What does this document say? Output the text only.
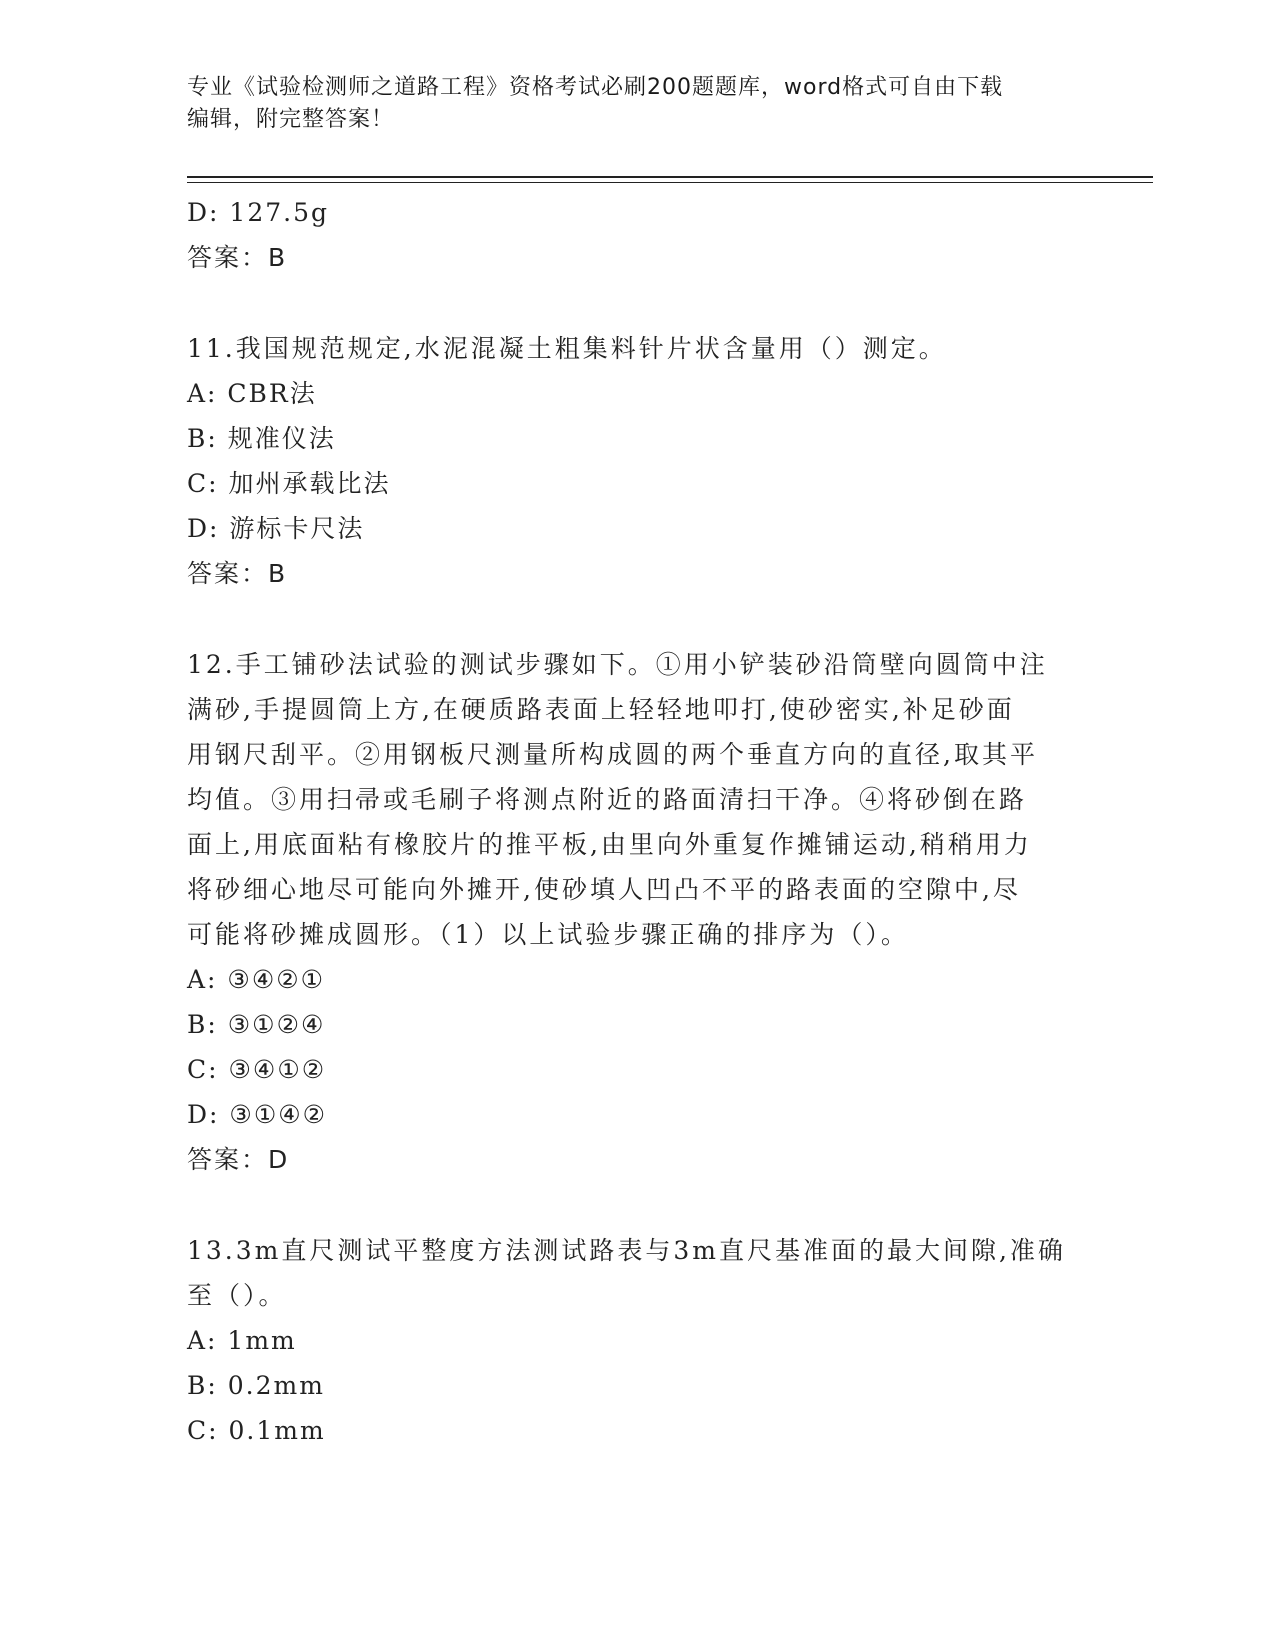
专业《试验检测师之道路工程》资格考试必刷200题题库，word格式可自由下载
编辑，附完整答案！
D: 127.5g
答案：B
11.我国规范规定,水泥混凝土粗集料针片状含量用（）测定。
A: CBR法
B: 规准仪法
C: 加州承载比法
D: 游标卡尺法
答案：B
12.手工铺砂法试验的测试步骤如下。①用小铲装砂沿筒壁向圆筒中注
满砂,手提圆筒上方,在硬质路表面上轻轻地叩打,使砂密实,补足砂面
用钢尺刮平。②用钢板尺测量所构成圆的两个垂直方向的直径,取其平
均值。③用扫帚或毛刷子将测点附近的路面清扫干净。④将砂倒在路
面上,用底面粘有橡胶片的推平板,由里向外重复作摊铺运动,稍稍用力
将砂细心地尽可能向外摊开,使砂填人凹凸不平的路表面的空隙中,尽
可能将砂摊成圆形。（1）以上试验步骤正确的排序为（）。
A: ③④②①
B: ③①②④
C: ③④①②
D: ③①④②
答案：D
13.3m直尺测试平整度方法测试路表与3m直尺基准面的最大间隙,准确
至（）。
A: 1mm
B: 0.2mm
C: 0.1mm
